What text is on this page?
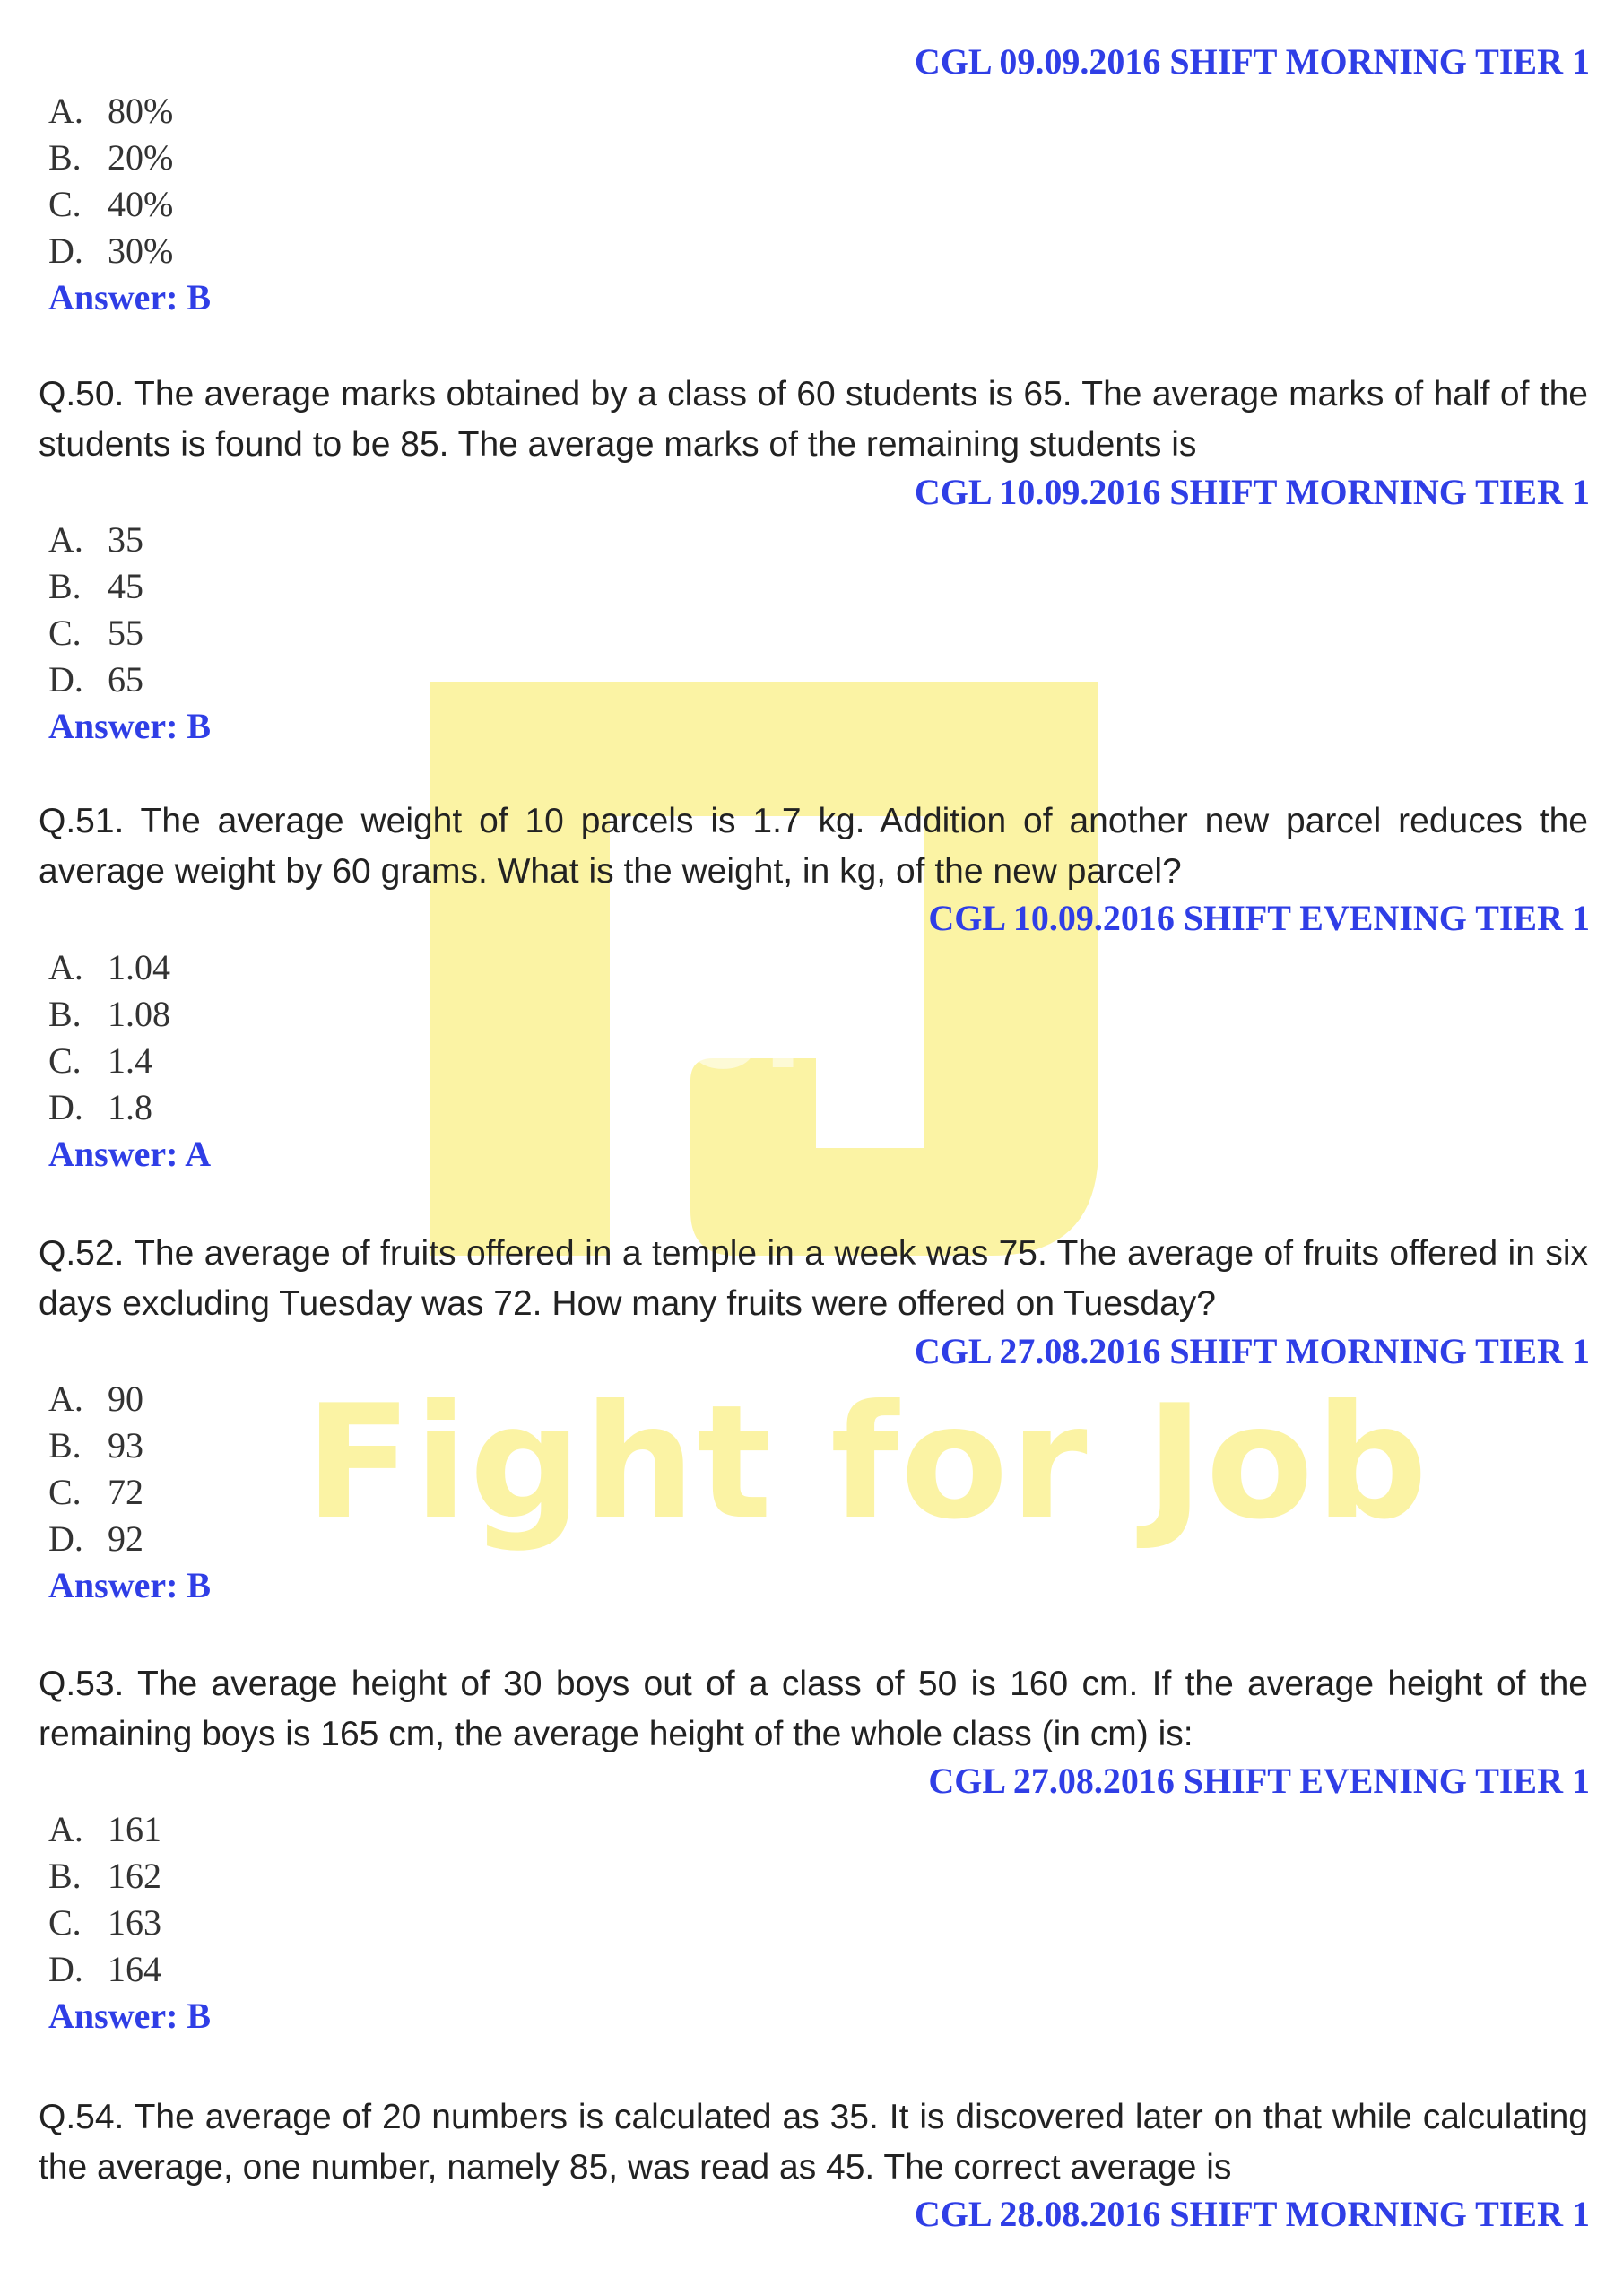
for
Fight for Job
CGL 09.09.2016 SHIFT MORNING TIER 1
A. 80%
B. 20%
C. 40%
D. 30%
Answer: B
Q.50. The average marks obtained by a class of 60 students is 65. The average marks of half of the students is found to be 85. The average marks of the remaining students is
CGL 10.09.2016 SHIFT MORNING TIER 1
A. 35
B. 45
C. 55
D. 65
Answer: B
Q.51. The average weight of 10 parcels is 1.7 kg. Addition of another new parcel reduces the average weight by 60 grams. What is the weight, in kg, of the new parcel?
CGL 10.09.2016 SHIFT EVENING TIER 1
A. 1.04
B. 1.08
C. 1.4
D. 1.8
Answer: A
Q.52. The average of fruits offered in a temple in a week was 75. The average of fruits offered in six days excluding Tuesday was 72. How many fruits were offered on Tuesday?
CGL 27.08.2016 SHIFT MORNING TIER 1
A. 90
B. 93
C. 72
D. 92
Answer: B
Q.53. The average height of 30 boys out of a class of 50 is 160 cm. If the average height of the remaining boys is 165 cm, the average height of the whole class (in cm) is:
CGL 27.08.2016 SHIFT EVENING TIER 1
A. 161
B. 162
C. 163
D. 164
Answer: B
Q.54. The average of 20 numbers is calculated as 35. It is discovered later on that while calculating the average, one number, namely 85, was read as 45. The correct average is
CGL 28.08.2016 SHIFT MORNING TIER 1
